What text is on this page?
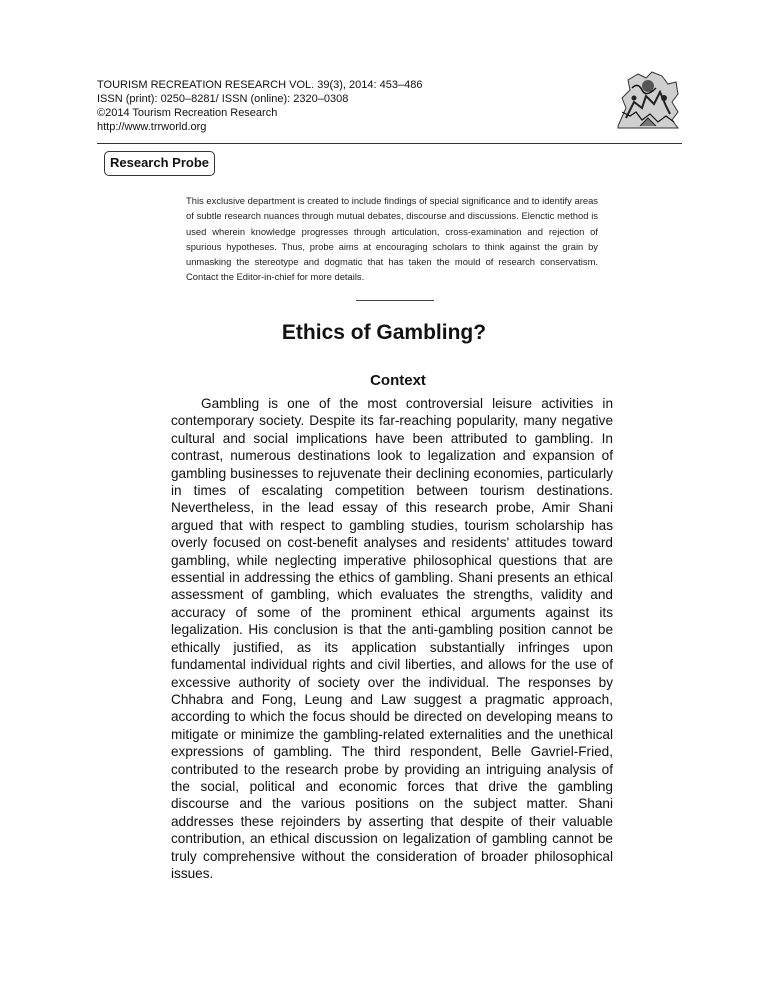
TOURISM RECREATION RESEARCH VOL. 39(3), 2014: 453–486
ISSN (print): 0250–8281/ ISSN (online): 2320–0308
©2014 Tourism Recreation Research
http://www.trrworld.org
Research Probe
This exclusive department is created to include findings of special significance and to identify areas of subtle research nuances through mutual debates, discourse and discussions. Elenctic method is used wherein knowledge progresses through articulation, cross-examination and rejection of spurious hypotheses. Thus, probe aims at encouraging scholars to think against the grain by unmasking the stereotype and dogmatic that has taken the mould of research conservatism. Contact the Editor-in-chief for more details.
Ethics of Gambling?
Context

Gambling is one of the most controversial leisure activities in contemporary society. Despite its far-reaching popularity, many negative cultural and social implications have been attributed to gambling. In contrast, numerous destinations look to legalization and expansion of gambling businesses to rejuvenate their declining economies, particularly in times of escalating competition between tourism destinations. Nevertheless, in the lead essay of this research probe, Amir Shani argued that with respect to gambling studies, tourism scholarship has overly focused on cost-benefit analyses and residents' attitudes toward gambling, while neglecting imperative philosophical questions that are essential in addressing the ethics of gambling. Shani presents an ethical assessment of gambling, which evaluates the strengths, validity and accuracy of some of the prominent ethical arguments against its legalization. His conclusion is that the anti-gambling position cannot be ethically justified, as its application substantially infringes upon fundamental individual rights and civil liberties, and allows for the use of excessive authority of society over the individual. The responses by Chhabra and Fong, Leung and Law suggest a pragmatic approach, according to which the focus should be directed on developing means to mitigate or minimize the gambling-related externalities and the unethical expressions of gambling. The third respondent, Belle Gavriel-Fried, contributed to the research probe by providing an intriguing analysis of the social, political and economic forces that drive the gambling discourse and the various positions on the subject matter. Shani addresses these rejoinders by asserting that despite of their valuable contribution, an ethical discussion on legalization of gambling cannot be truly comprehensive without the consideration of broader philosophical issues.
